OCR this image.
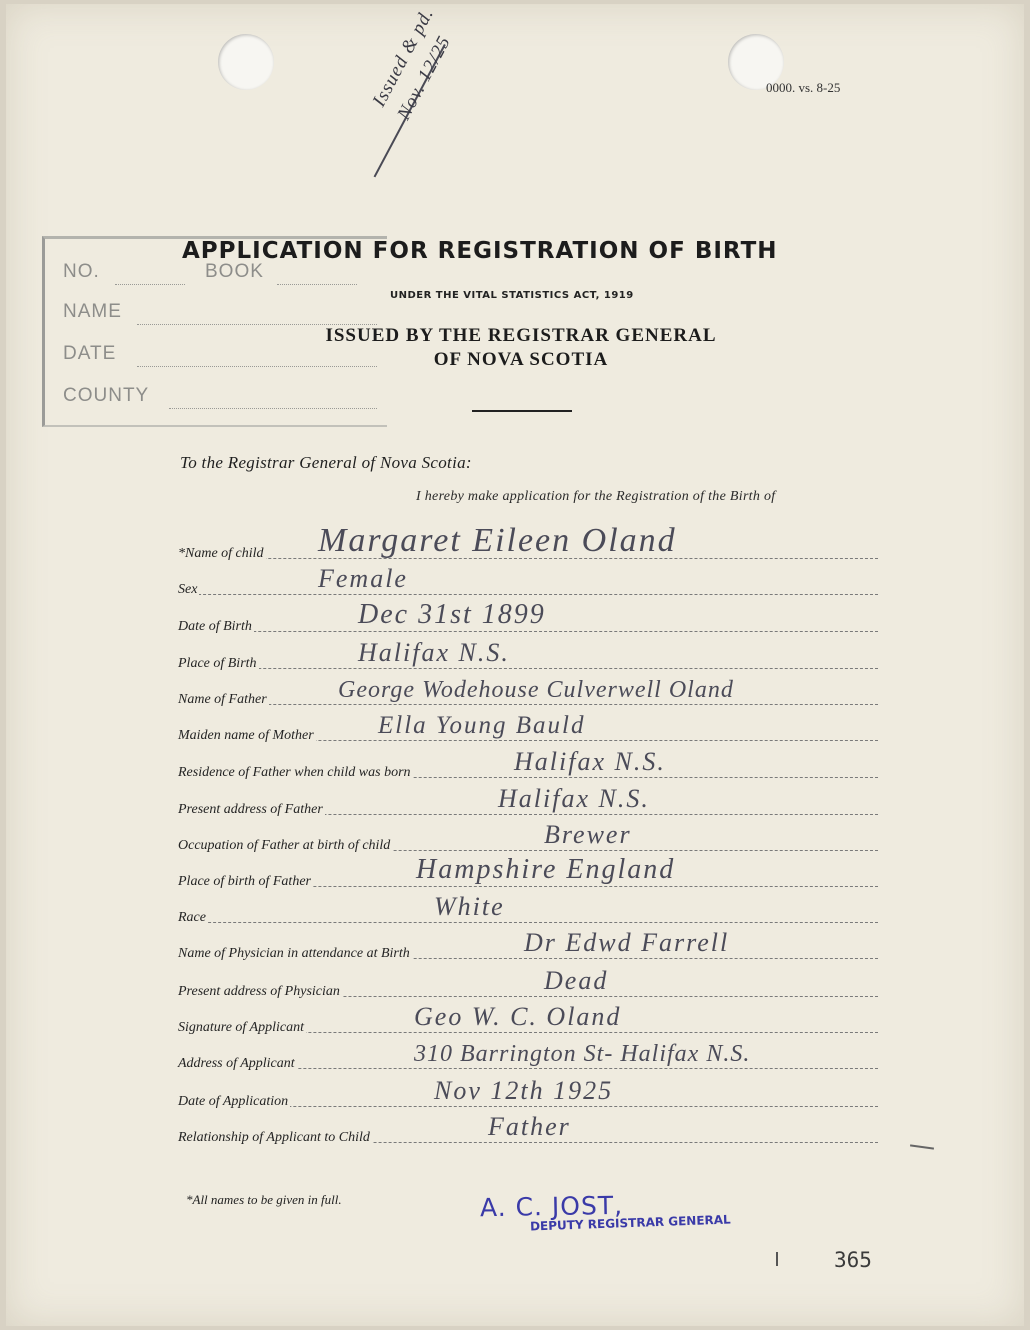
0000. vs. 8-25
Issued & pd. Nov. 12/25
NO.	BOOK
NAME
DATE
COUNTY
APPLICATION FOR REGISTRATION OF BIRTH
UNDER THE VITAL STATISTICS ACT, 1919
ISSUED BY THE REGISTRAR GENERAL
OF NOVA SCOTIA
To the Registrar General of Nova Scotia:
I hereby make application for the Registration of the Birth of
*Name of child Margaret Eileen Oland
Sex	Female
Date of Birth	Dec 31st 1899
Place of Birth	Halifax N.S.
Name of Father	George Wodehouse Culverwell Oland
Maiden name of Mother	Ella Young Bauld
Residence of Father when child was born	Halifax N.S.
Present address of Father	Halifax N.S.
Occupation of Father at birth of child	Brewer
Place of birth of Father	Hampshire England
Race	White
Name of Physician in attendance at Birth	Dr Edwd Farrell
Present address of Physician	Dead
Signature of Applicant	Geo W. C. Oland
Address of Applicant	310 Barrington St- Halifax N.S.
Date of Application	Nov 12th 1925
Relationship of Applicant to Child	Father
*All names to be given in full.	A. C. JOST,
DEPUTY REGISTRAR GENERAL
365
